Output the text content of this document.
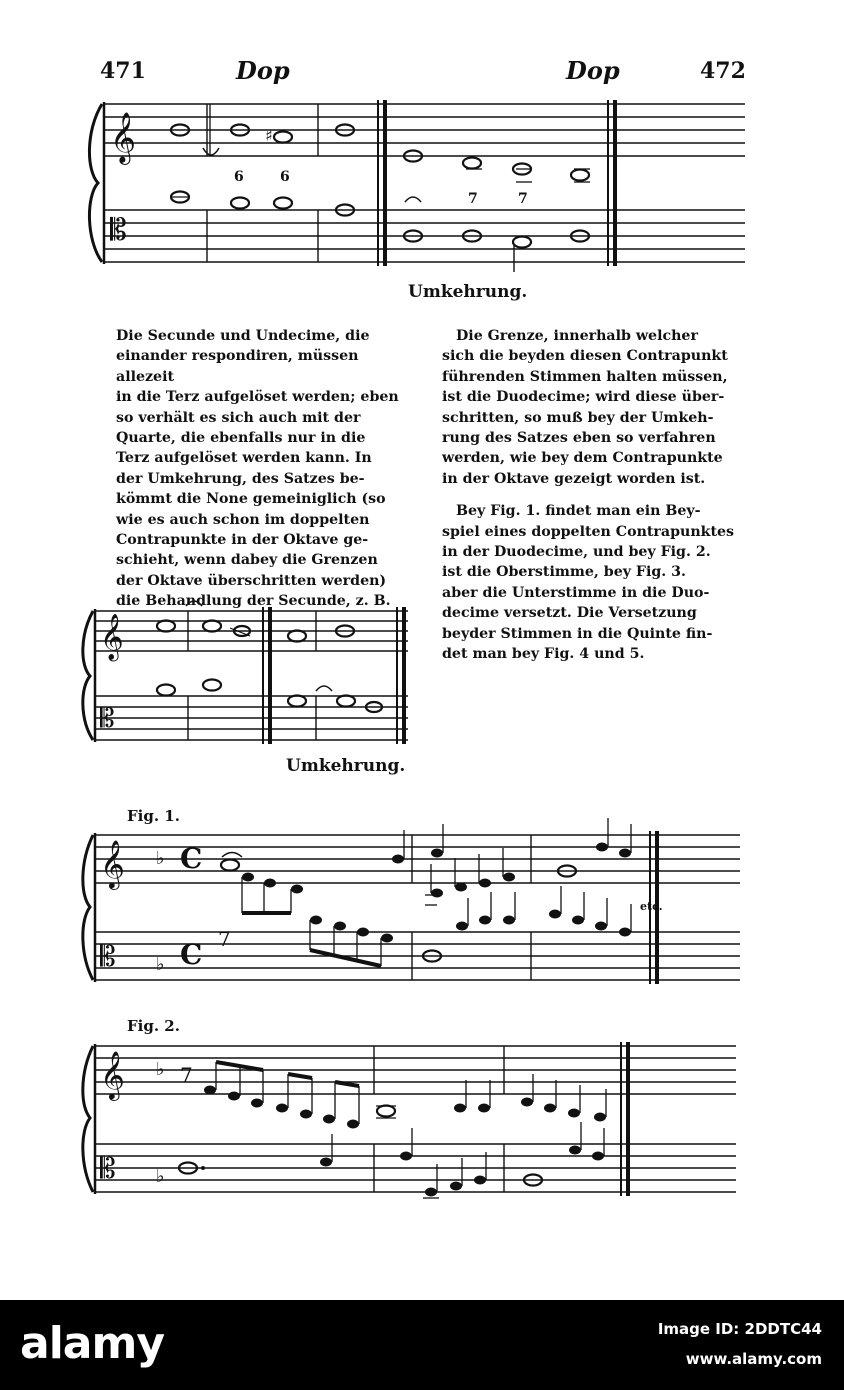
471	Dop	Dop	472
𝄞
𝄡
♯
6	6
7	7
Umkehrung.
Die Secunde und Undecime, die
einander respondiren, müssen allezeit
in die Terz aufgelöset werden; eben
so verhält es sich auch mit der
Quarte, die ebenfalls nur in die
Terz aufgelöset werden kann. In
der Umkehrung, des Satzes be-
kömmt die None gemeiniglich (so
wie es auch schon im doppelten
Contrapunkte in der Oktave ge-
schieht, wenn dabey die Grenzen
der Oktave überschritten werden)
die Behandlung der Secunde, z. B.
Die Grenze, innerhalb welcher
sich die beyden diesen Contrapunkt
führenden Stimmen halten müssen,
ist die Duodecime; wird diese über-
schritten, so muß bey der Umkeh-
rung des Satzes eben so verfahren
werden, wie bey dem Contrapunkte
in der Oktave gezeigt worden ist.
Bey Fig. 1. findet man ein Bey-
spiel eines doppelten Contrapunktes
in der Duodecime, und bey Fig. 2.
ist die Oberstimme, bey Fig. 3.
aber die Unterstimme in die Duo-
decime versetzt. Die Versetzung
beyder Stimmen in die Quinte fin-
det man bey Fig. 4 und 5.
𝄞
𝄡
Umkehrung.
Fig. 1.
𝄞
𝄡
♭
♭
C
C 7
etc.
Fig. 2.
𝄞
𝄡
♭
♭
7
alamy	Image ID: 2DDTC44
www.alamy.com
